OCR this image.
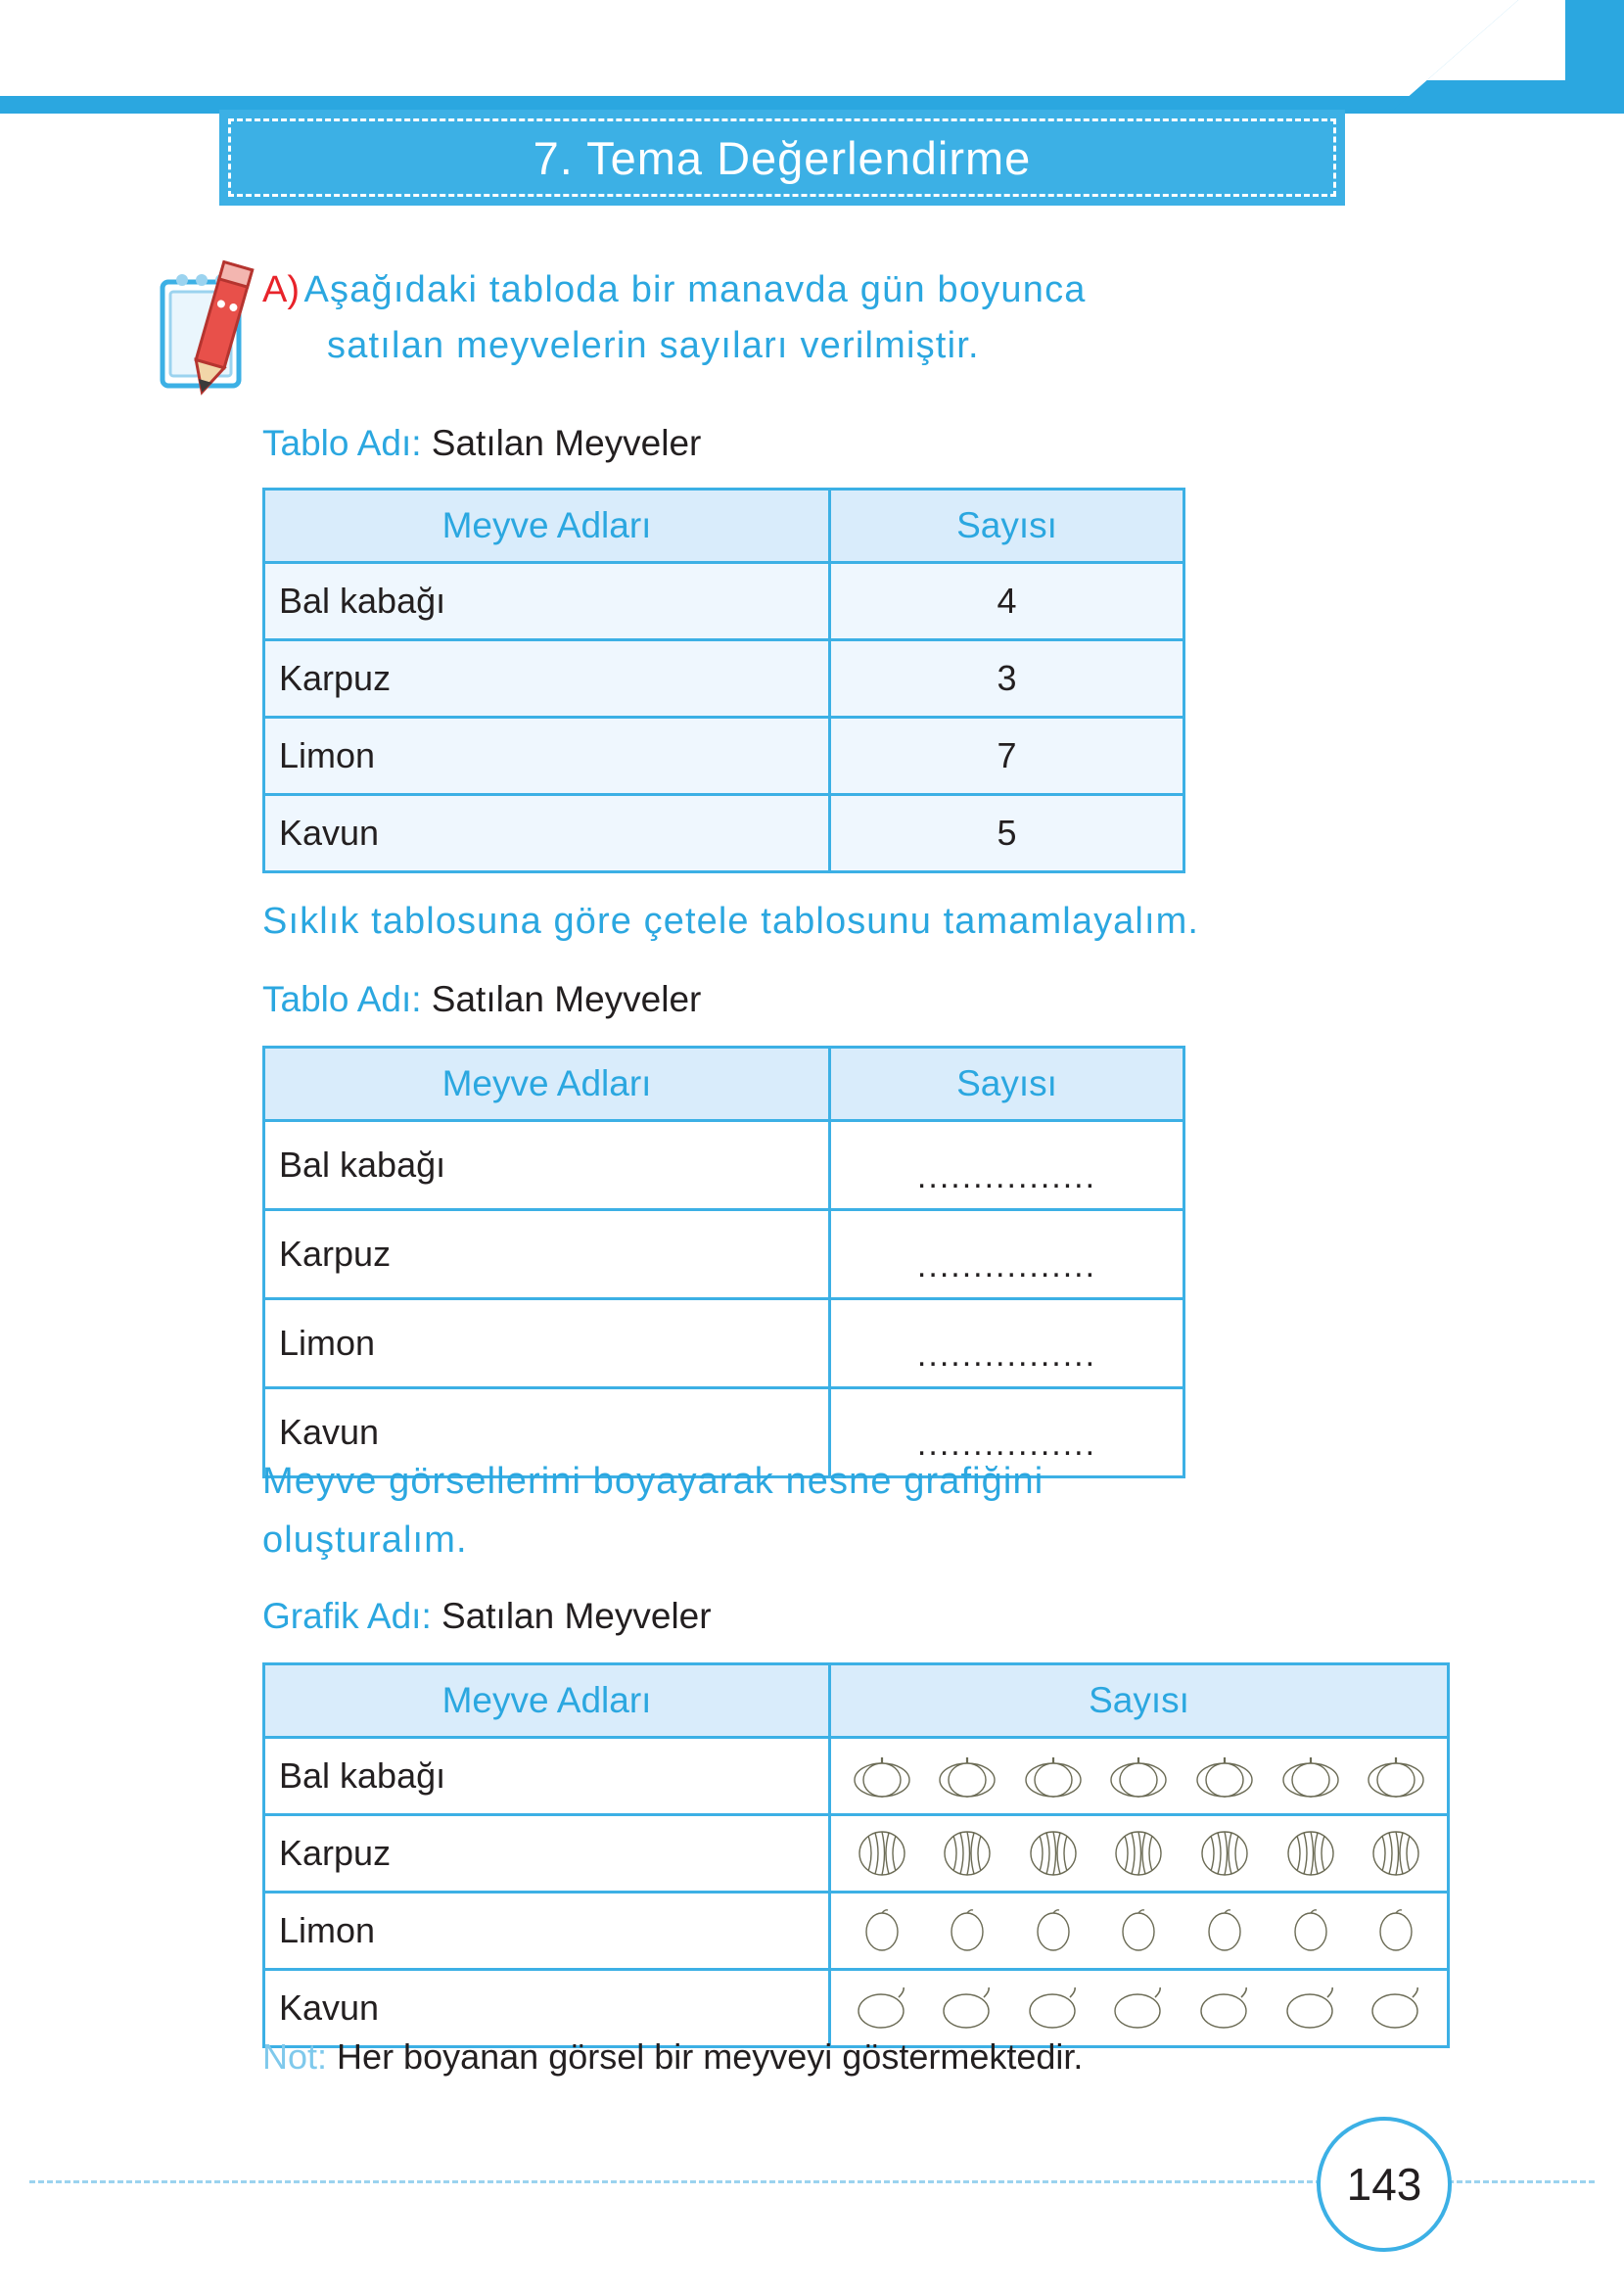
7. Tema Değerlendirme
A) Aşağıdaki tabloda bir manavda gün boyunca
satılan meyvelerin sayıları verilmiştir.
Tablo Adı: Satılan Meyveler
Meyve Adları	Sayısı
Bal kabağı	4
Karpuz	3
Limon	7
Kavun	5
Sıklık tablosuna göre çetele tablosunu tamamlayalım.
Tablo Adı: Satılan Meyveler
Meyve Adları	Sayısı
Bal kabağı	................
Karpuz	................
Limon	................
Kavun	................
Meyve görsellerini boyayarak nesne grafiğini
oluşturalım.
Grafik Adı: Satılan Meyveler
Meyve Adları	Sayısı
Bal kabağı	

Karpuz	

Limon	

Kavun	
Not: Her boyanan görsel bir meyveyi göstermektedir.
143
